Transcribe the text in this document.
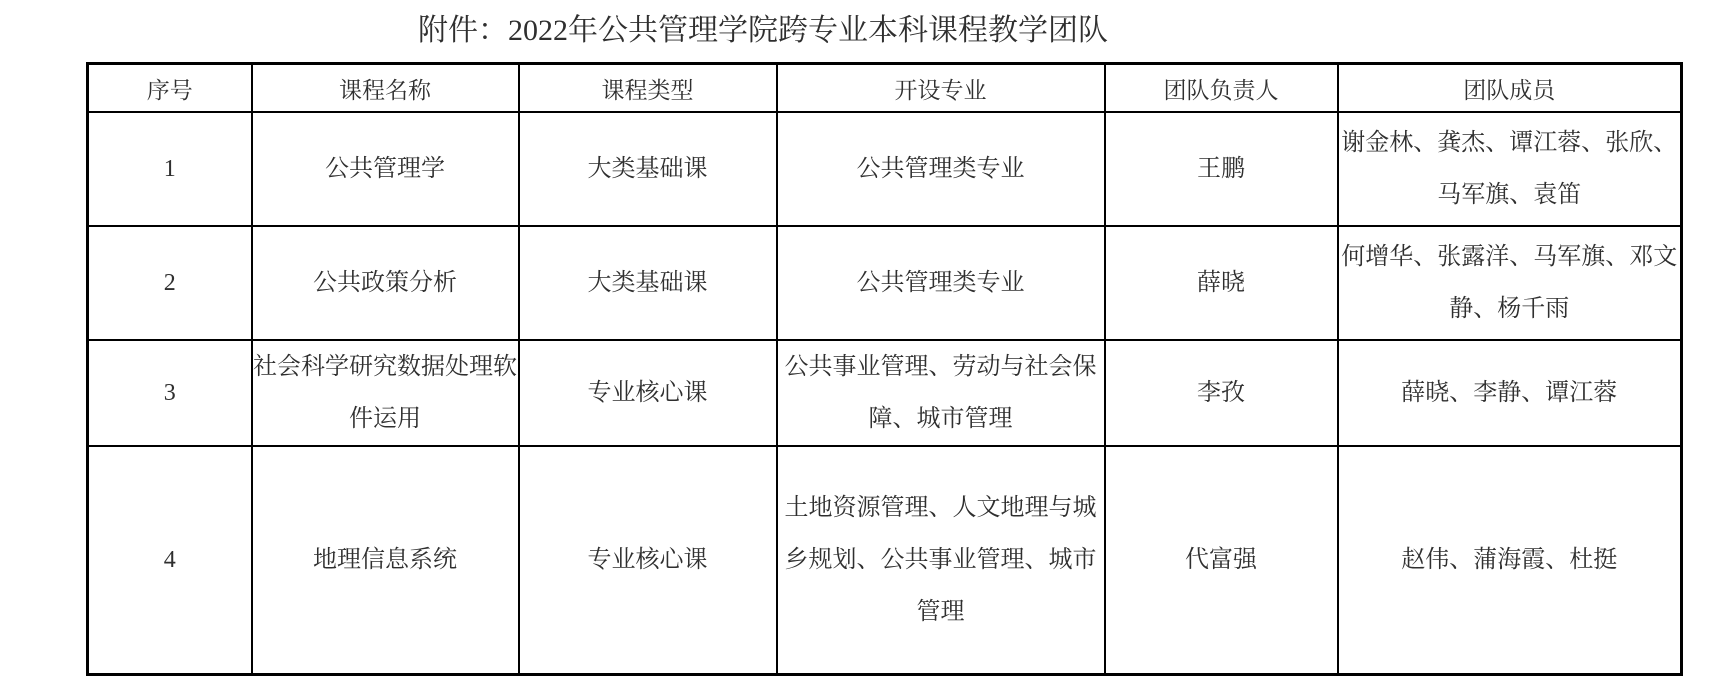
附件：2022年公共管理学院跨专业本科课程教学团队
序号	课程名称	课程类型	开设专业	团队负责人	团队成员
1	公共管理学	大类基础课	公共管理类专业	王鹏	谢金林、龚杰、谭江蓉、张欣、马军旗、袁笛
2	公共政策分析	大类基础课	公共管理类专业	薛晓	何增华、张露洋、马军旗、邓文静、杨千雨
3	社会科学研究数据处理软件运用	专业核心课	公共事业管理、劳动与社会保障、城市管理	李孜	薛晓、李静、谭江蓉
4	地理信息系统	专业核心课	土地资源管理、人文地理与城乡规划、公共事业管理、城市管理	代富强	赵伟、蒲海霞、杜挺
